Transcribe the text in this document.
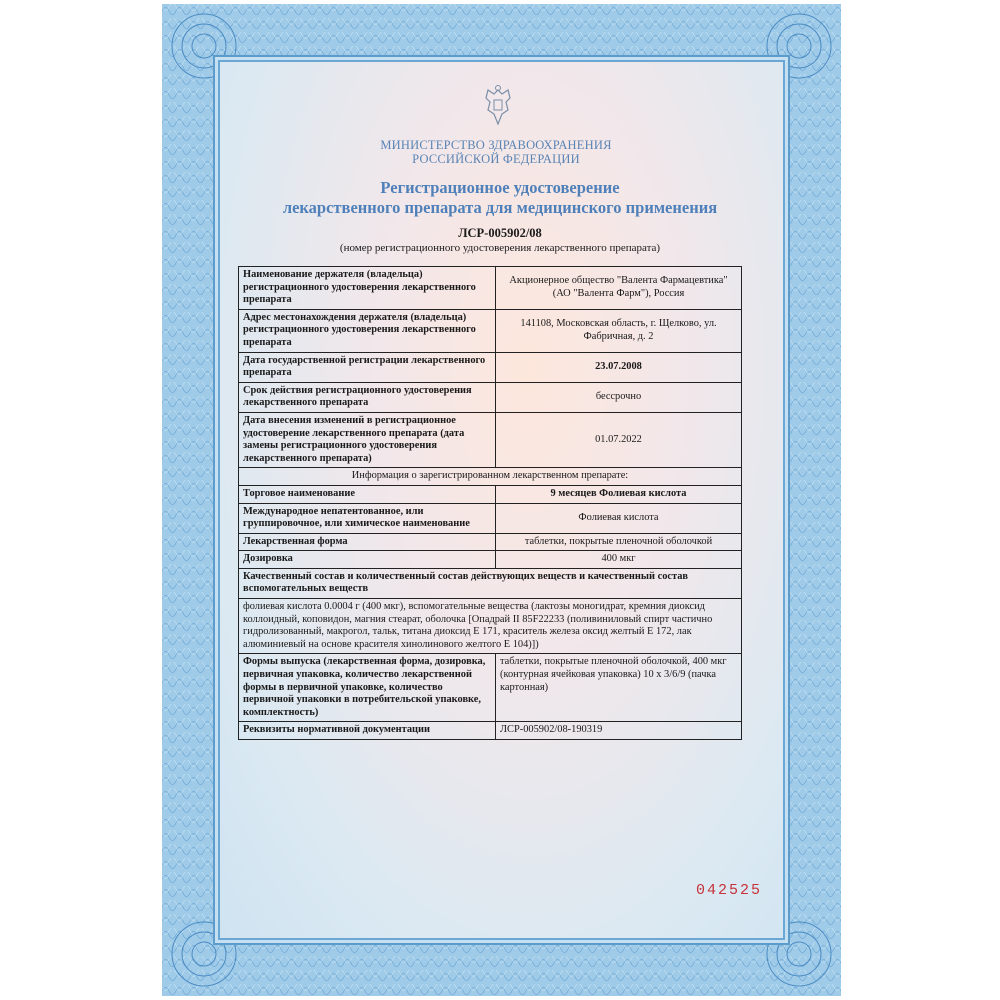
МИНИСТЕРСТВО ЗДРАВООХРАНЕНИЯ
РОССИЙСКОЙ ФЕДЕРАЦИИ
Регистрационное удостоверение
лекарственного препарата для медицинского применения
ЛСР-005902/08
(номер регистрационного удостоверения лекарственного препарата)
Наименование держателя (владельца) регистрационного удостоверения лекарственного препарата	Акционерное общество "Валента Фармацевтика" (АО "Валента Фарм"), Россия
Адрес местонахождения держателя (владельца) регистрационного удостоверения лекарственного препарата	141108, Московская область, г. Щелково, ул. Фабричная, д. 2
Дата государственной регистрации лекарственного препарата	23.07.2008
Срок действия регистрационного удостоверения лекарственного препарата	бессрочно
Дата внесения изменений в регистрационное удостоверение лекарственного препарата (дата замены регистрационного удостоверения лекарственного препарата)	01.07.2022
Информация о зарегистрированном лекарственном препарате:	
Торговое наименование	9 месяцев Фолиевая кислота
Международное непатентованное, или группировочное, или химическое наименование	Фолиевая кислота
Лекарственная форма	таблетки, покрытые пленочной оболочкой
Дозировка	400 мкг
Качественный состав и количественный состав действующих веществ и качественный состав вспомогательных веществ	
фолиевая кислота 0.0004 г (400 мкг), вспомогательные вещества (лактозы моногидрат, кремния диоксид коллоидный, коповидон, магния стеарат, оболочка [Опадрай II 85F22233 (поливиниловый спирт частично гидролизованный, макрогол, тальк, титана диоксид Е 171, краситель железа оксид желтый Е 172, лак алюминиевый на основе красителя хинолинового желтого Е 104)])	
Формы выпуска (лекарственная форма, дозировка, первичная упаковка, количество лекарственной формы в первичной упаковке, количество первичной упаковки в потребительской упаковке, комплектность)	таблетки, покрытые пленочной оболочкой, 400 мкг (контурная ячейковая упаковка) 10 x 3/6/9 (пачка картонная)
Реквизиты нормативной документации	ЛСР-005902/08-190319
042525
